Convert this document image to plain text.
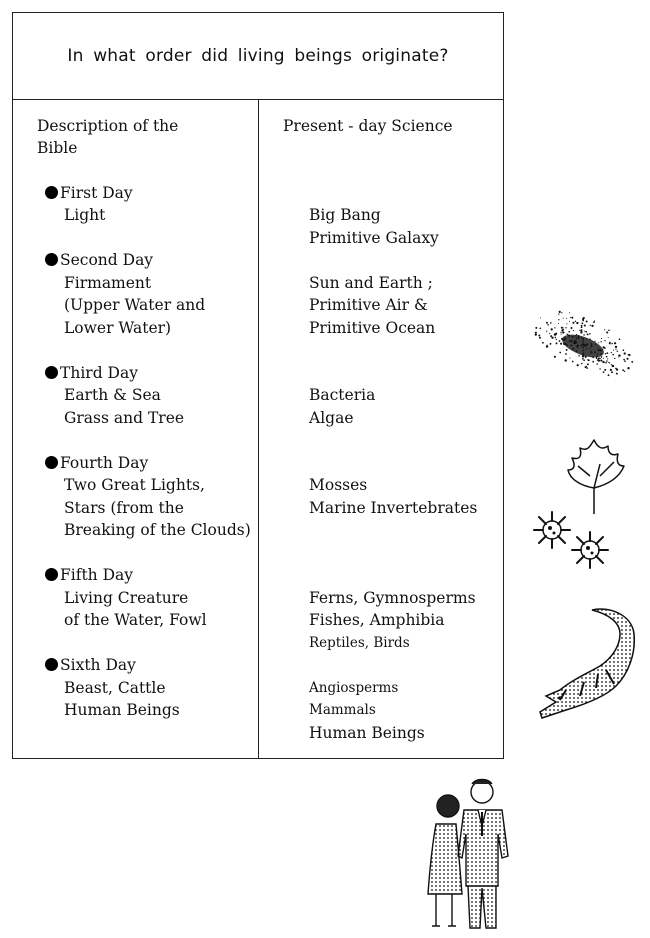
In what order did living beings originate?
Description of the
Bible
Present - day Science
First Day
Light	Big Bang
Primitive Galaxy
Second Day
Firmament
(Upper Water and
Lower Water)
Sun and Earth ;
Primitive Air &
Primitive Ocean
Third Day
Earth & Sea
Grass and Tree
Bacteria
Algae
Fourth Day
Two Great Lights,
Stars (from the
Breaking of the Clouds)
Mosses
Marine Invertebrates
Fifth Day
Living Creature
of the Water, Fowl
Ferns, Gymnosperms
Fishes, Amphibia
Reptiles, Birds
Sixth Day
Beast, Cattle
Human Beings
Angiosperms
Mammals
Human Beings
